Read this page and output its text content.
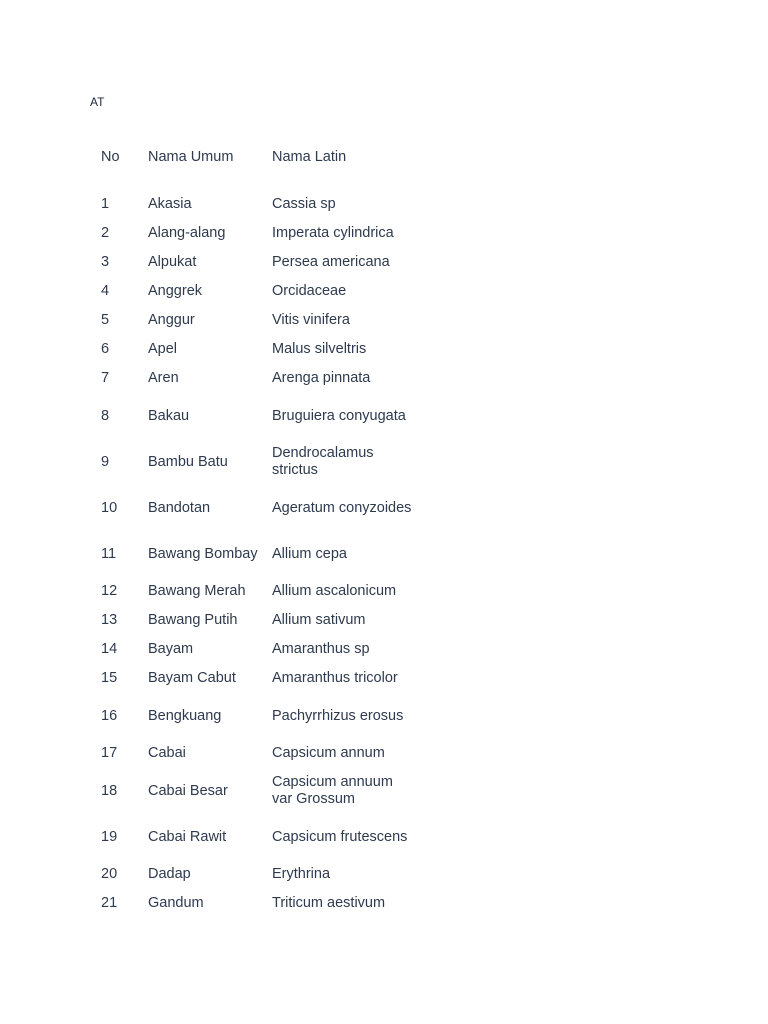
AT
No	Nama Umum	Nama Latin

1	Akasia	Cassia sp
2	Alang-alang	Imperata cylindrica
3	Alpukat	Persea americana
4	Anggrek	Orcidaceae
5	Anggur	Vitis vinifera
6	Apel	Malus silveltris
7	Aren	Arenga pinnata
8	Bakau	Bruguiera conyugata
9	Bambu Batu	Dendrocalamus strictus
10	Bandotan	Ageratum conyzoides
11	Bawang Bombay	Allium cepa
12	Bawang Merah	Allium ascalonicum
13	Bawang Putih	Allium sativum
14	Bayam	Amaranthus sp
15	Bayam Cabut	Amaranthus tricolor
16	Bengkuang	Pachyrrhizus erosus
17	Cabai	Capsicum annum
18	Cabai Besar	Capsicum annuum var Grossum
19	Cabai Rawit	Capsicum frutescens
20	Dadap	Erythrina
21	Gandum	Triticum aestivum
